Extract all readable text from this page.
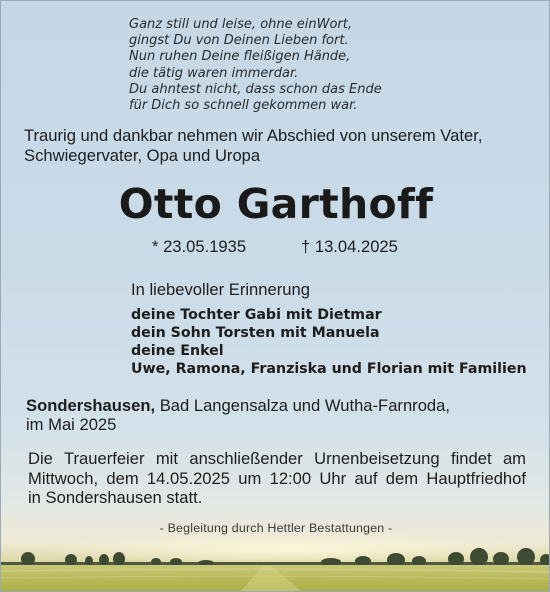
Ganz still und leise, ohne einWort,
gingst Du von Deinen Lieben fort.
Nun ruhen Deine fleißigen Hände,
die tätig waren immerdar.
Du ahntest nicht, dass schon das Ende
für Dich so schnell gekommen war.
Traurig und dankbar nehmen wir Abschied von unserem Vater,
Schwiegervater, Opa und Uropa
Otto Garthoff
* 23.05.1935	† 13.04.2025
In liebevoller Erinnerung
deine Tochter Gabi mit Dietmar
dein Sohn Torsten mit Manuela
deine Enkel
Uwe, Ramona, Franziska und Florian mit Familien
Sondershausen, Bad Langensalza und Wutha-Farnroda,
im Mai 2025
Die Trauerfeier mit anschließender Urnenbeisetzung findet am
Mittwoch, dem 14.05.2025 um 12:00 Uhr auf dem Hauptfriedhof
in Sondershausen statt.
- Begleitung durch Hettler Bestattungen -
